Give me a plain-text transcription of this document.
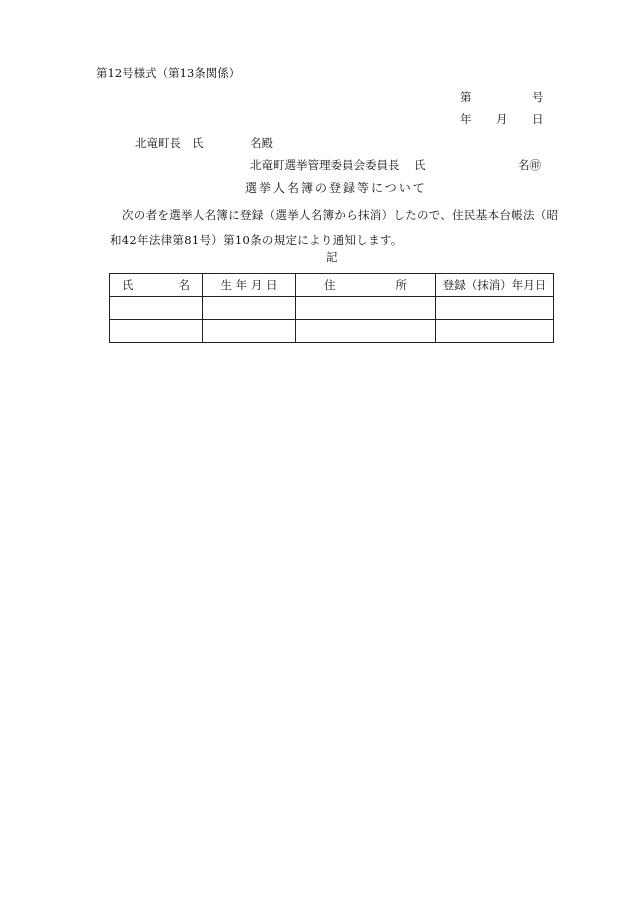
第12号様式（第13条関係）
第	号
年 月 日
北竜町長 氏	名殿
北竜町選挙管理委員会委員長 氏	名㊞
選挙人名簿の登録等について
次の者を選挙人名簿に登録（選挙人名簿から抹消）したので、住民基本台帳法（昭和42年法律第81号）第10条の規定により通知します。
記
氏 名	生 年 月 日	住 所	登録（抹消）年月日
